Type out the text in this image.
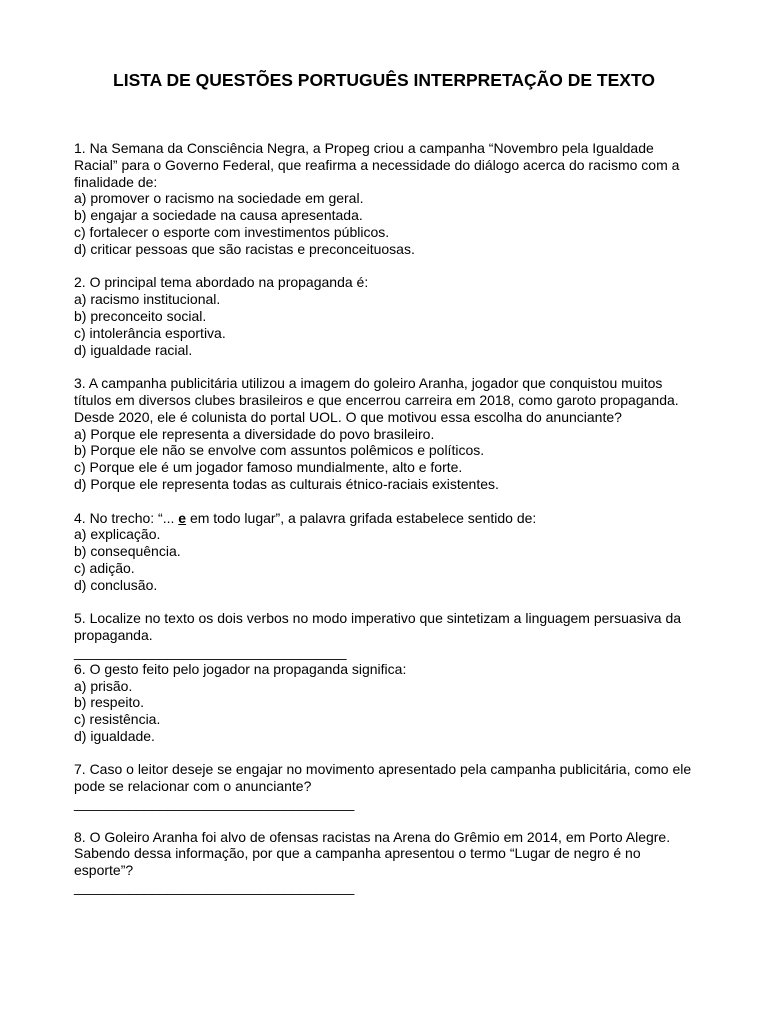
LISTA DE QUESTÕES PORTUGUÊS INTERPRETAÇÃO DE TEXTO
1. Na Semana da Consciência Negra, a Propeg criou a campanha “Novembro pela Igualdade Racial” para o Governo Federal, que reafirma a necessidade do diálogo acerca do racismo com a finalidade de:
a) promover o racismo na sociedade em geral.
b) engajar a sociedade na causa apresentada.
c) fortalecer o esporte com investimentos públicos.
d) criticar pessoas que são racistas e preconceituosas.
2. O principal tema abordado na propaganda é:
a) racismo institucional.
b) preconceito social.
c) intolerância esportiva.
d) igualdade racial.
3. A campanha publicitária utilizou a imagem do goleiro Aranha, jogador que conquistou muitos títulos em diversos clubes brasileiros e que encerrou carreira em 2018, como garoto propaganda. Desde 2020, ele é colunista do portal UOL. O que motivou essa escolha do anunciante?
a) Porque ele representa a diversidade do povo brasileiro.
b) Porque ele não se envolve com assuntos polêmicos e políticos.
c) Porque ele é um jogador famoso mundialmente, alto e forte.
d) Porque ele representa todas as culturais étnico-raciais existentes.
4. No trecho: “... e em todo lugar”, a palavra grifada estabelece sentido de:
a) explicação.
b) consequência.
c) adição.
d) conclusão.
5. Localize no texto os dois verbos no modo imperativo que sintetizam a linguagem persuasiva da propaganda.
___________________________________
6. O gesto feito pelo jogador na propaganda significa:
a) prisão.
b) respeito.
c) resistência.
d) igualdade.
7. Caso o leitor deseje se engajar no movimento apresentado pela campanha publicitária, como ele pode se relacionar com o anunciante?
____________________________________
8. O Goleiro Aranha foi alvo de ofensas racistas na Arena do Grêmio em 2014, em Porto Alegre. Sabendo dessa informação, por que a campanha apresentou o termo “Lugar de negro é no esporte”?
____________________________________
